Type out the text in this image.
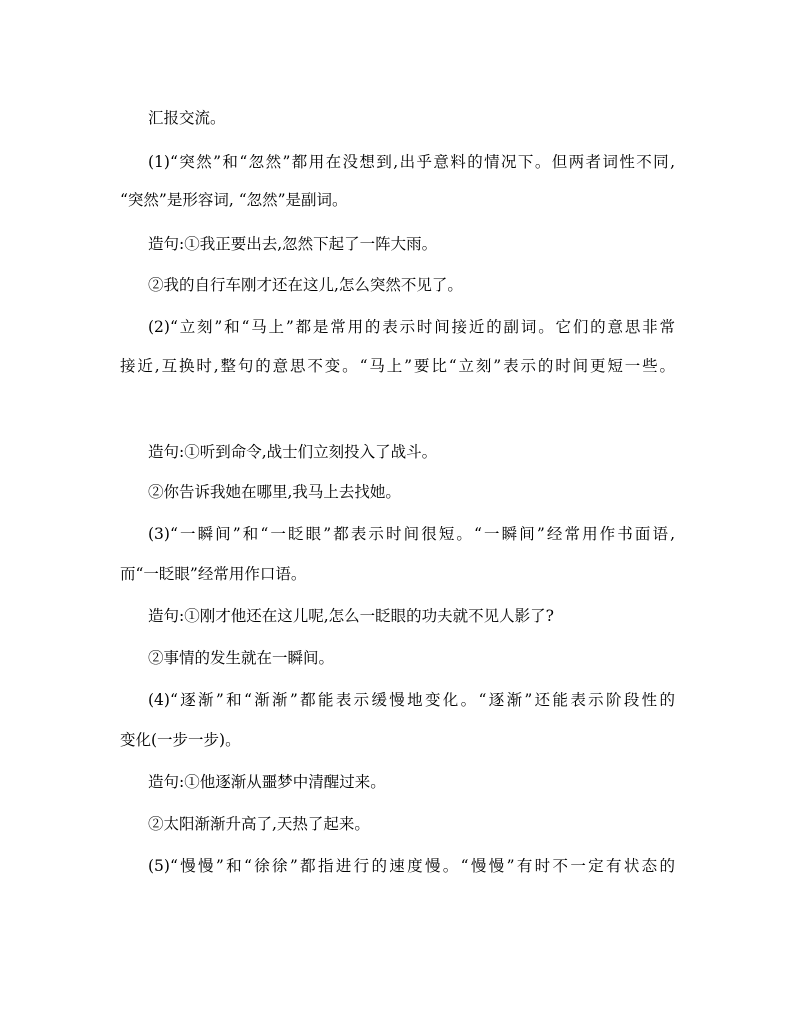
汇报交流。
(1)“突然”和“忽然”都用在没想到,出乎意料的情况下。但两者词性不同,
“突然”是形容词, “忽然”是副词。
造句:①我正要出去,忽然下起了一阵大雨。
②我的自行车刚才还在这儿,怎么突然不见了。
(2)“立刻”和“马上”都是常用的表示时间接近的副词。它们的意思非常
接近,互换时,整句的意思不变。“马上”要比“立刻”表示的时间更短一些。
造句:①听到命令,战士们立刻投入了战斗。
②你告诉我她在哪里,我马上去找她。
(3)“一瞬间”和“一眨眼”都表示时间很短。“一瞬间”经常用作书面语,
而“一眨眼”经常用作口语。
造句:①刚才他还在这儿呢,怎么一眨眼的功夫就不见人影了?
②事情的发生就在一瞬间。
(4)“逐渐”和“渐渐”都能表示缓慢地变化。“逐渐”还能表示阶段性的
变化(一步一步)。
造句:①他逐渐从噩梦中清醒过来。
②太阳渐渐升高了,天热了起来。
(5)“慢慢”和“徐徐”都指进行的速度慢。“慢慢”有时不一定有状态的
